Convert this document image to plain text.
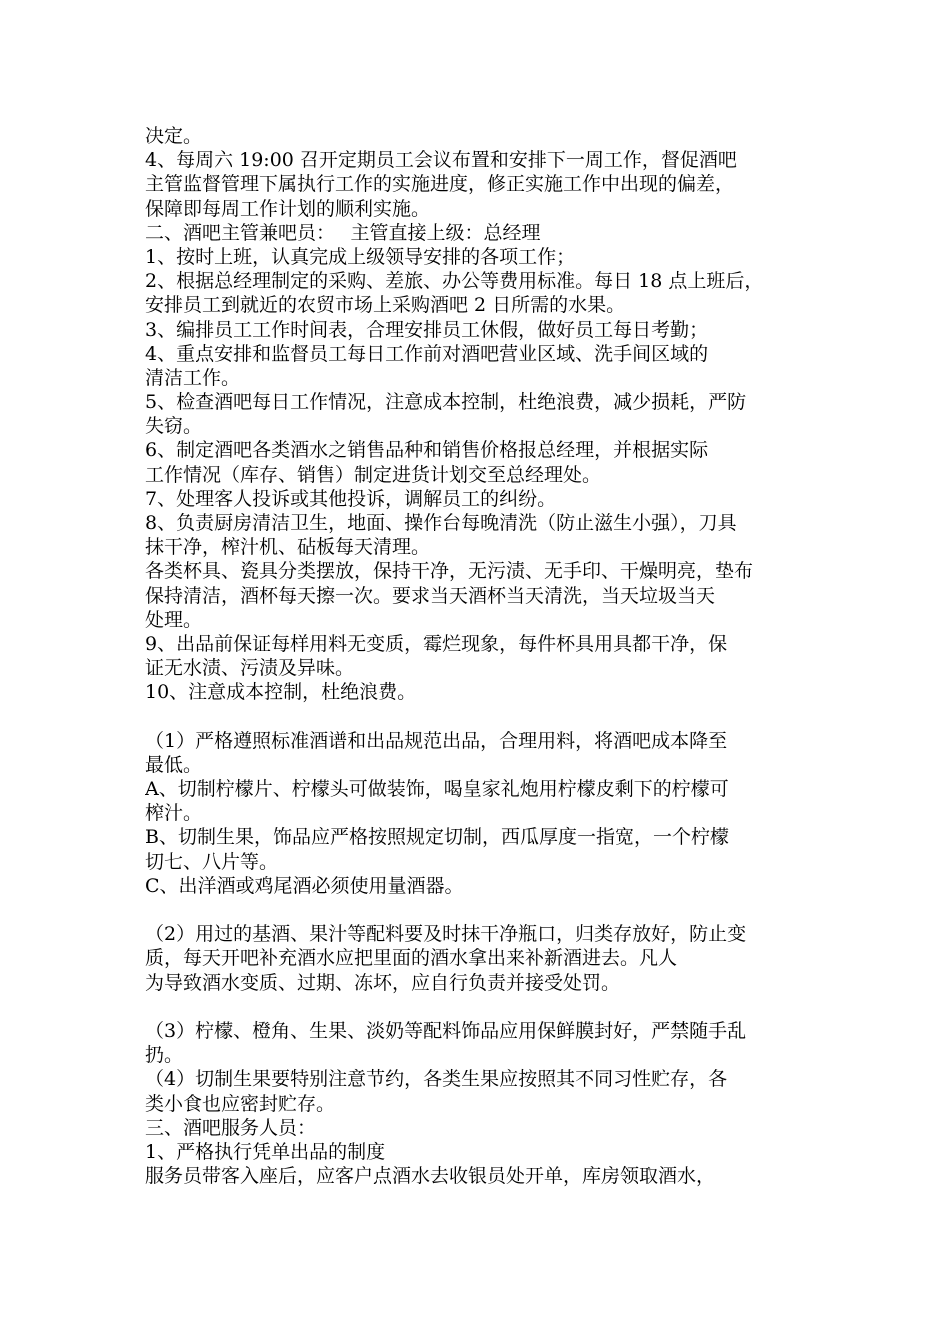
决定。
4、每周六 19:00 召开定期员工会议布置和安排下一周工作，督促酒吧
主管监督管理下属执行工作的实施进度，修正实施工作中出现的偏差，
保障即每周工作计划的顺利实施。
二、酒吧主管兼吧员：　 主管直接上级：总经理
1、按时上班，认真完成上级领导安排的各项工作；
2、根据总经理制定的采购、差旅、办公等费用标准。每日 18 点上班后，
安排员工到就近的农贸市场上采购酒吧 2 日所需的水果。
3、编排员工工作时间表，合理安排员工休假，做好员工每日考勤；
4、重点安排和监督员工每日工作前对酒吧营业区域、洗手间区域的
清洁工作。
5、检查酒吧每日工作情况，注意成本控制，杜绝浪费，减少损耗，严防
失窃。
6、制定酒吧各类酒水之销售品种和销售价格报总经理，并根据实际
工作情况（库存、销售）制定进货计划交至总经理处。
7、处理客人投诉或其他投诉，调解员工的纠纷。
8、负责厨房清洁卫生，地面、操作台每晚清洗（防止滋生小强），刀具
抹干净，榨汁机、砧板每天清理。
各类杯具、瓷具分类摆放，保持干净，无污渍、无手印、干燥明亮，垫布
保持清洁，酒杯每天擦一次。要求当天酒杯当天清洗，当天垃圾当天
处理。
9、出品前保证每样用料无变质，霉烂现象，每件杯具用具都干净，保
证无水渍、污渍及异味。
10、注意成本控制，杜绝浪费。
（1）严格遵照标准酒谱和出品规范出品，合理用料，将酒吧成本降至
最低。
A、切制柠檬片、柠檬头可做装饰，喝皇家礼炮用柠檬皮剩下的柠檬可
榨汁。
B、切制生果，饰品应严格按照规定切制，西瓜厚度一指宽，一个柠檬
切七、八片等。
C、出洋酒或鸡尾酒必须使用量酒器。
（2）用过的基酒、果汁等配料要及时抹干净瓶口，归类存放好，防止变
质，每天开吧补充酒水应把里面的酒水拿出来补新酒进去。凡人
为导致酒水变质、过期、冻坏，应自行负责并接受处罚。
（3）柠檬、橙角、生果、淡奶等配料饰品应用保鲜膜封好，严禁随手乱
扔。
（4）切制生果要特别注意节约，各类生果应按照其不同习性贮存，各
类小食也应密封贮存。
三、酒吧服务人员：
1、严格执行凭单出品的制度
服务员带客入座后，应客户点酒水去收银员处开单，库房领取酒水，
